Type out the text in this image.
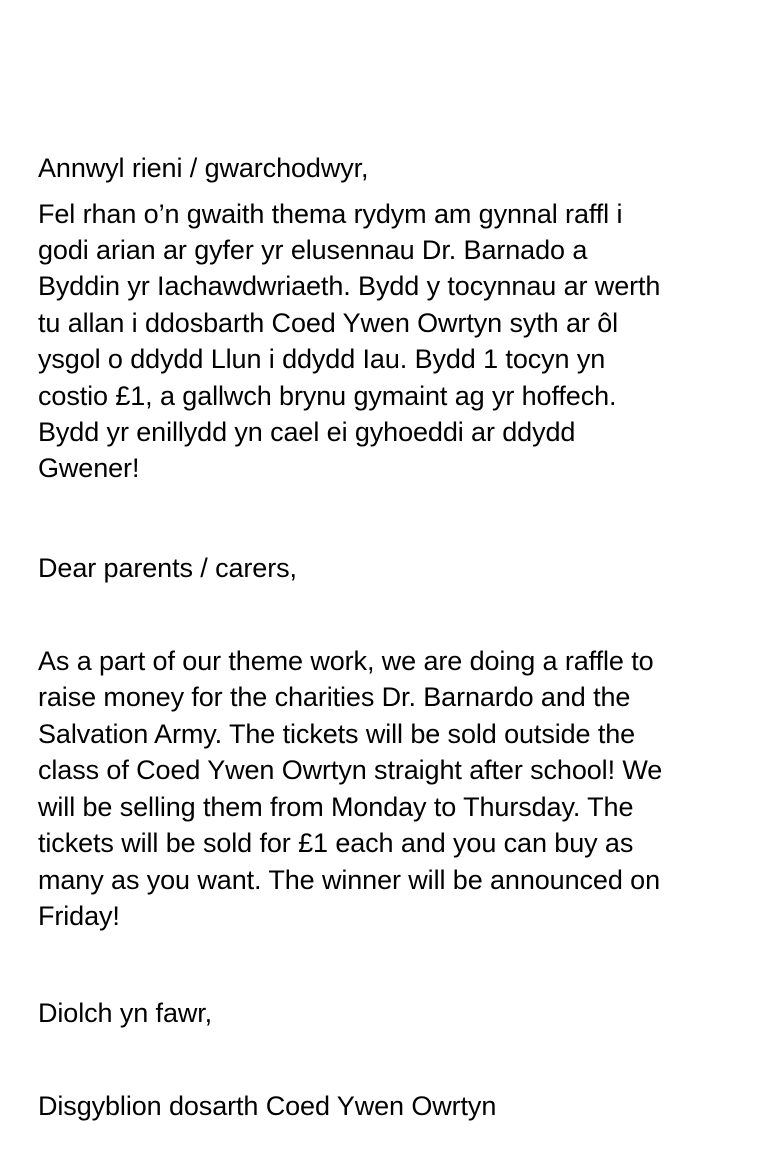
Annwyl rieni / gwarchodwyr,
Fel rhan o’n gwaith thema rydym am gynnal raffl i
godi arian ar gyfer yr elusennau Dr. Barnado a
Byddin yr Iachawdwriaeth. Bydd y tocynnau ar werth
tu allan i ddosbarth Coed Ywen Owrtyn syth ar ôl
ysgol o ddydd Llun i ddydd Iau. Bydd 1 tocyn yn
costio £1, a gallwch brynu gymaint ag yr hoffech.
Bydd yr enillydd yn cael ei gyhoeddi ar ddydd
Gwener!
Dear parents / carers,
As a part of our theme work, we are doing a raffle to
raise money for the charities Dr. Barnardo and the
Salvation Army. The tickets will be sold outside the
class of Coed Ywen Owrtyn straight after school! We
will be selling them from Monday to Thursday. The
tickets will be sold for £1 each and you can buy as
many as you want. The winner will be announced on
Friday!
Diolch yn fawr,
Disgyblion dosarth Coed Ywen Owrtyn
